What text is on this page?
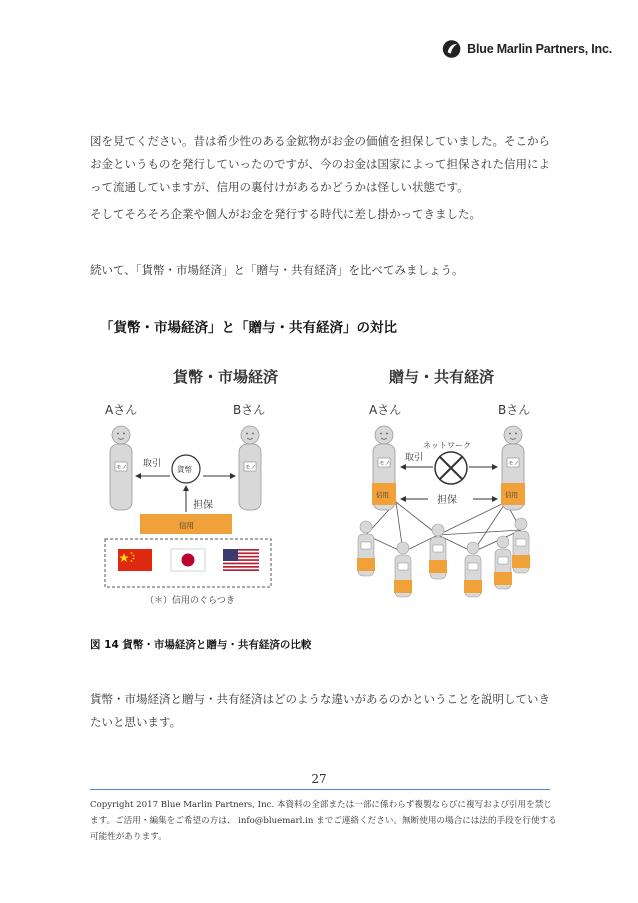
Blue Marlin Partners, Inc.

図を見てください。昔は希少性のある金鉱物がお金の価値を担保していました。そこからお金というものを発行していったのですが、今のお金は国家によって担保された信用によって流通していますが、信用の裏付けがあるかどうかは怪しい状態です。

そしてそろそろ企業や個人がお金を発行する時代に差し掛かってきました。

続いて、「貨幣・市場経済」と「贈与・共有経済」を比べてみましょう。

「貨幣・市場経済」と「贈与・共有経済」の対比
貨幣・市場経済
Aさん	Bさん
モノ	モノ
取引
貨幣
担保
信用
（＊）信用のぐらつき
贈与・共有経済
Aさん	Bさん
ネットワーク
モノ
信用
モノ
信用
取引
担保

図 14 貨幣・市場経済と贈与・共有経済の比較

貨幣・市場経済と贈与・共有経済はどのような違いがあるのかということを説明していきたいと思います。

27

Copyright 2017 Blue Marlin Partners, Inc. 本資料の全部または一部に係わらず複製ならびに複写および引用を禁じます。ご活用・編集をご希望の方は、 info@bluemarl.in までご連絡ください。無断使用の場合には法的手段を行使する可能性があります。
